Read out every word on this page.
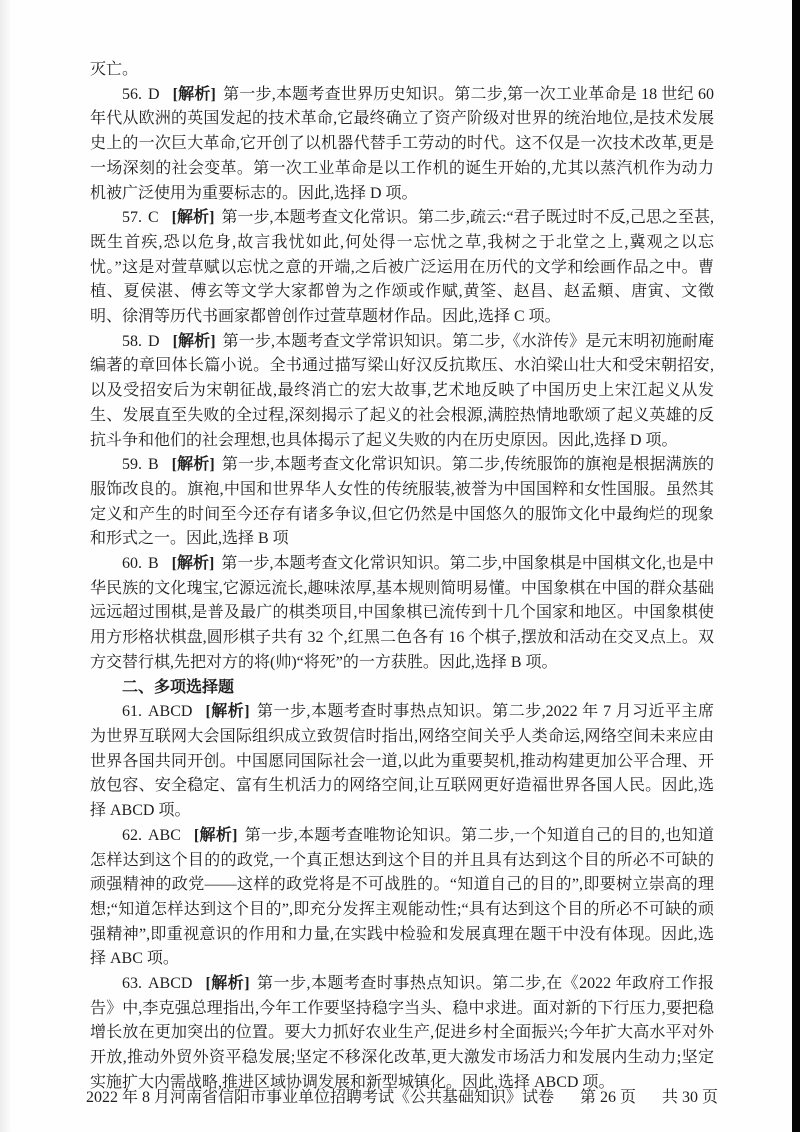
灭亡。

56. D [解析] 第一步,本题考查世界历史知识。第二步,第一次工业革命是 18 世纪 60 年代从欧洲的英国发起的技术革命,它最终确立了资产阶级对世界的统治地位,是技术发展史上的一次巨大革命,它开创了以机器代替手工劳动的时代。这不仅是一次技术改革,更是一场深刻的社会变革。第一次工业革命是以工作机的诞生开始的,尤其以蒸汽机作为动力机被广泛使用为重要标志的。因此,选择 D 项。

57. C [解析] 第一步,本题考查文化常识。第二步,疏云:“君子既过时不反,己思之至甚,既生首疾,恐以危身,故言我忧如此,何处得一忘忧之草,我树之于北堂之上,冀观之以忘忧。”这是对萱草赋以忘忧之意的开端,之后被广泛运用在历代的文学和绘画作品之中。曹植、夏侯湛、傅玄等文学大家都曾为之作颂或作赋,黄筌、赵昌、赵孟頫、唐寅、文徵明、徐渭等历代书画家都曾创作过萱草题材作品。因此,选择 C 项。

58. D [解析] 第一步,本题考查文学常识知识。第二步,《水浒传》是元末明初施耐庵编著的章回体长篇小说。全书通过描写梁山好汉反抗欺压、水泊梁山壮大和受宋朝招安,以及受招安后为宋朝征战,最终消亡的宏大故事,艺术地反映了中国历史上宋江起义从发生、发展直至失败的全过程,深刻揭示了起义的社会根源,满腔热情地歌颂了起义英雄的反抗斗争和他们的社会理想,也具体揭示了起义失败的内在历史原因。因此,选择 D 项。

59. B [解析] 第一步,本题考查文化常识知识。第二步,传统服饰的旗袍是根据满族的服饰改良的。旗袍,中国和世界华人女性的传统服装,被誉为中国国粹和女性国服。虽然其定义和产生的时间至今还存有诸多争议,但它仍然是中国悠久的服饰文化中最绚烂的现象和形式之一。因此,选择 B 项

60. B [解析] 第一步,本题考查文化常识知识。第二步,中国象棋是中国棋文化,也是中华民族的文化瑰宝,它源远流长,趣味浓厚,基本规则简明易懂。中国象棋在中国的群众基础远远超过围棋,是普及最广的棋类项目,中国象棋已流传到十几个国家和地区。中国象棋使用方形格状棋盘,圆形棋子共有 32 个,红黑二色各有 16 个棋子,摆放和活动在交叉点上。双方交替行棋,先把对方的将(帅)“将死”的一方获胜。因此,选择 B 项。

二、多项选择题

61. ABCD [解析] 第一步,本题考查时事热点知识。第二步,2022 年 7 月习近平主席为世界互联网大会国际组织成立致贺信时指出,网络空间关乎人类命运,网络空间未来应由世界各国共同开创。中国愿同国际社会一道,以此为重要契机,推动构建更加公平合理、开放包容、安全稳定、富有生机活力的网络空间,让互联网更好造福世界各国人民。因此,选择 ABCD 项。

62. ABC [解析] 第一步,本题考查唯物论知识。第二步,一个知道自己的目的,也知道怎样达到这个目的的政党,一个真正想达到这个目的并且具有达到这个目的所必不可缺的顽强精神的政党——这样的政党将是不可战胜的。“知道自己的目的”,即要树立崇高的理想;“知道怎样达到这个目的”,即充分发挥主观能动性;“具有达到这个目的所必不可缺的顽强精神”,即重视意识的作用和力量,在实践中检验和发展真理在题干中没有体现。因此,选择 ABC 项。

63. ABCD [解析] 第一步,本题考查时事热点知识。第二步,在《2022 年政府工作报告》中,李克强总理指出,今年工作要坚持稳字当头、稳中求进。面对新的下行压力,要把稳增长放在更加突出的位置。要大力抓好农业生产,促进乡村全面振兴;今年扩大高水平对外开放,推动外贸外资平稳发展;坚定不移深化改革,更大激发市场活力和发展内生动力;坚定实施扩大内需战略,推进区域协调发展和新型城镇化。因此,选择 ABCD 项。

2022 年 8 月河南省信阳市事业单位招聘考试《公共基础知识》试卷 第 26 页 共 30 页
